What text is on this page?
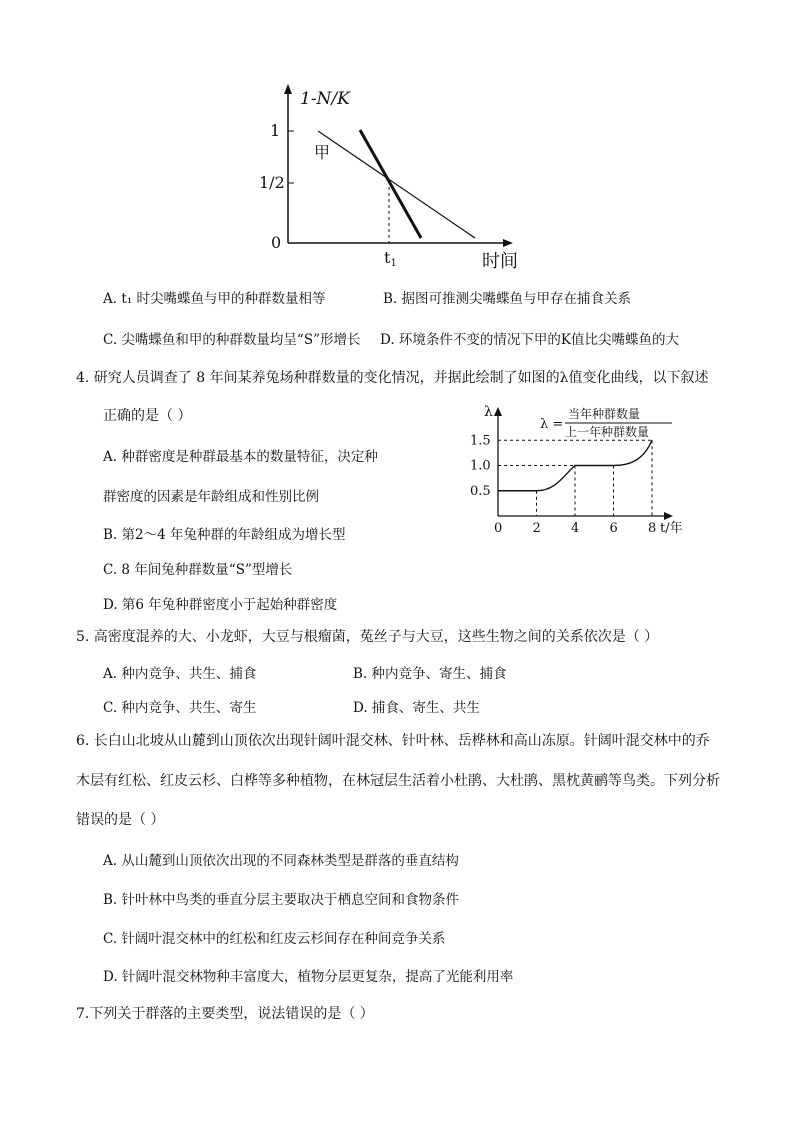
1-N/K
1
1/2
0
甲
t1	时间
A. t₁ 时尖嘴蝶鱼与甲的种群数量相等	B. 据图可推测尖嘴蝶鱼与甲存在捕食关系
C. 尖嘴蝶鱼和甲的种群数量均呈“S”形增长 D. 环境条件不变的情况下甲的K值比尖嘴蝶鱼的大
4. 研究人员调查了 8 年间某养兔场种群数量的变化情况，并据此绘制了如图的λ值变化曲线，以下叙述
正确的是（ ）
A. 种群密度是种群最基本的数量特征，决定种
群密度的因素是年龄组成和性别比例
B. 第2～4 年兔种群的年龄组成为增长型
C. 8 年间兔种群数量“S”型增长
D. 第6 年兔种群密度小于起始种群密度
λ
λ =
当年种群数量
上一年种群数量
t/年
1.5
1.0
0.5
0 2 4 6 8
5. 高密度混养的大、小龙虾，大豆与根瘤菌，菟丝子与大豆，这些生物之间的关系依次是（ ）
A. 种内竞争、共生、捕食	B. 种内竞争、寄生、捕食
C. 种内竞争、共生、寄生	D. 捕食、寄生、共生
6. 长白山北坡从山麓到山顶依次出现针阔叶混交林、针叶林、岳桦林和高山冻原。针阔叶混交林中的乔
木层有红松、红皮云杉、白桦等多种植物，在林冠层生活着小杜鹃、大杜鹃、黑枕黄鹂等鸟类。下列分析
错误的是（ ）
A. 从山麓到山顶依次出现的不同森林类型是群落的垂直结构
B. 针叶林中鸟类的垂直分层主要取决于栖息空间和食物条件
C. 针阔叶混交林中的红松和红皮云杉间存在种间竞争关系
D. 针阔叶混交林物种丰富度大，植物分层更复杂，提高了光能利用率
7.下列关于群落的主要类型，说法错误的是（ ）
